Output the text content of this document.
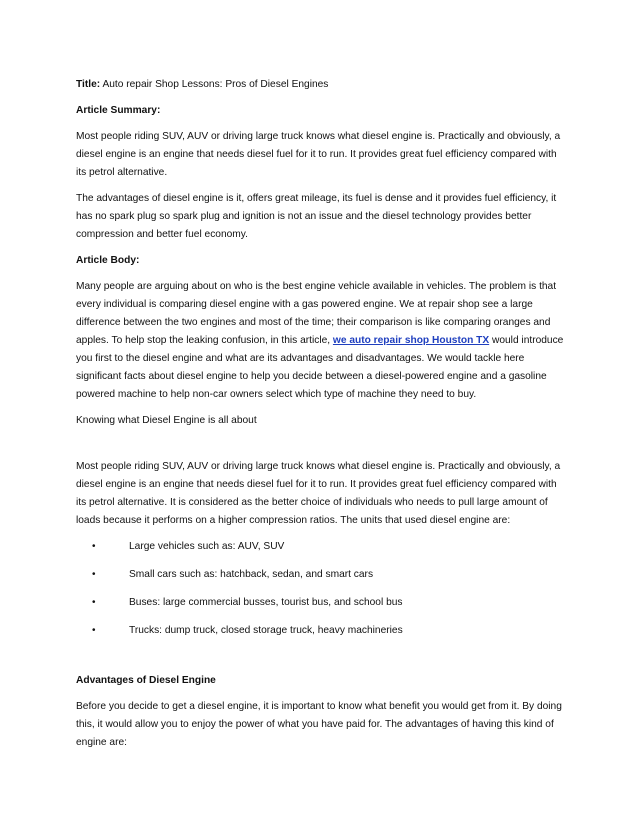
Title: Auto repair Shop Lessons: Pros of Diesel Engines

Article Summary:

Most people riding SUV, AUV or driving large truck knows what diesel engine is. Practically and obviously, a diesel engine is an engine that needs diesel fuel for it to run. It provides great fuel efficiency compared with its petrol alternative.

The advantages of diesel engine is it, offers great mileage, its fuel is dense and it provides fuel efficiency, it has no spark plug so spark plug and ignition is not an issue and the diesel technology provides better compression and better fuel economy.

Article Body:

Many people are arguing about on who is the best engine vehicle available in vehicles. The problem is that every individual is comparing diesel engine with a gas powered engine. We at repair shop see a large difference between the two engines and most of the time; their comparison is like comparing oranges and apples. To help stop the leaking confusion, in this article, we auto repair shop Houston TX would introduce you first to the diesel engine and what are its advantages and disadvantages. We would tackle here significant facts about diesel engine to help you decide between a diesel-powered engine and a gasoline powered machine to help non-car owners select which type of machine they need to buy.

Knowing what Diesel Engine is all about

Most people riding SUV, AUV or driving large truck knows what diesel engine is. Practically and obviously, a diesel engine is an engine that needs diesel fuel for it to run. It provides great fuel efficiency compared with its petrol alternative. It is considered as the better choice of individuals who needs to pull large amount of loads because it performs on a higher compression ratios. The units that used diesel engine are:

•	Large vehicles such as: AUV, SUV
•	Small cars such as: hatchback, sedan, and smart cars
•	Buses: large commercial busses, tourist bus, and school bus
•	Trucks: dump truck, closed storage truck, heavy machineries

Advantages of Diesel Engine

Before you decide to get a diesel engine, it is important to know what benefit you would get from it. By doing this, it would allow you to enjoy the power of what you have paid for. The advantages of having this kind of engine are:
